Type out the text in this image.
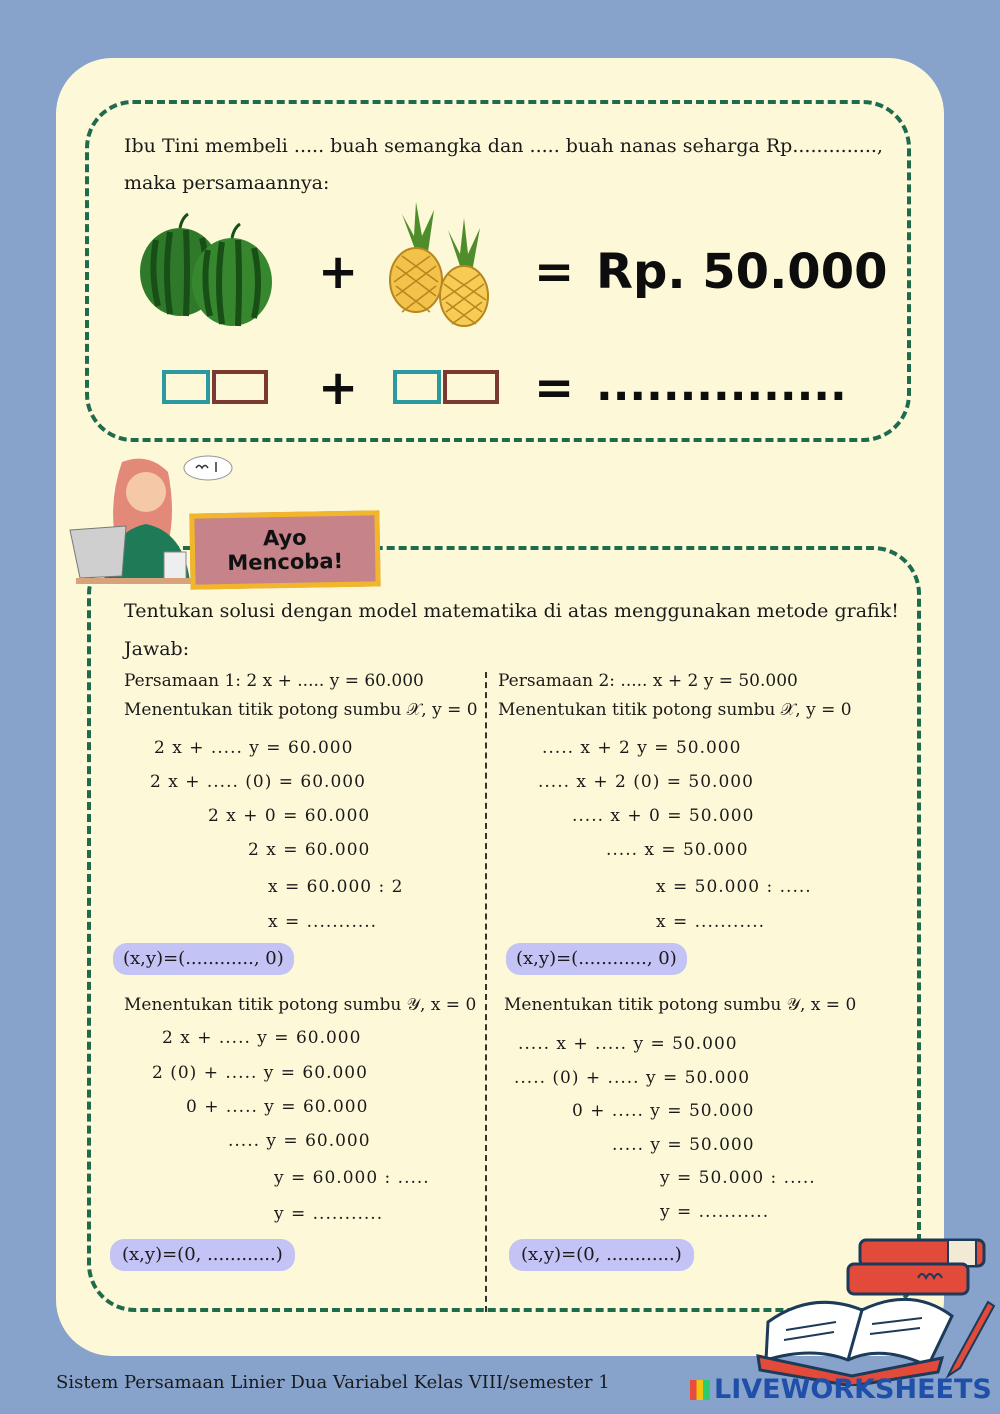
Ibu Tini membeli ..... buah semangka dan ..... buah nanas seharga Rp.............., maka persamaannya:
+	= Rp. 50.000
+	= ...............
Ayo
Mencoba!
Tentukan solusi dengan model matematika di atas menggunakan metode grafik!
Jawab:
Persamaan 1: 2 x + ..... y = 60.000
Menentukan titik potong sumbu 𝒳, y = 0
2 x + ..... y = 60.000
2 x + ..... (0) = 60.000
2 x + 0 = 60.000
2 x = 60.000
x = 60.000 : 2
x = ...........
(x,y)=(............, 0)
Menentukan titik potong sumbu 𝒴, x = 0
2 x + ..... y = 60.000
2 (0) + ..... y = 60.000
0 + ..... y = 60.000
..... y = 60.000
y = 60.000 : .....
y = ...........
(x,y)=(0, ............)
Persamaan 2: ..... x + 2 y = 50.000
Menentukan titik potong sumbu 𝒳, y = 0
..... x + 2 y = 50.000
..... x + 2 (0) = 50.000
..... x + 0 = 50.000
..... x = 50.000
x = 50.000 : .....
x = ...........
(x,y)=(............, 0)
Menentukan titik potong sumbu 𝒴, x = 0
..... x + ..... y = 50.000
..... (0) + ..... y = 50.000
0 + ..... y = 50.000
..... y = 50.000
y = 50.000 : .....
y = ...........
(x,y)=(0, ............)
Sistem Persamaan Linier Dua Variabel Kelas VIII/semester 1	LIVEWORKSHEETS
